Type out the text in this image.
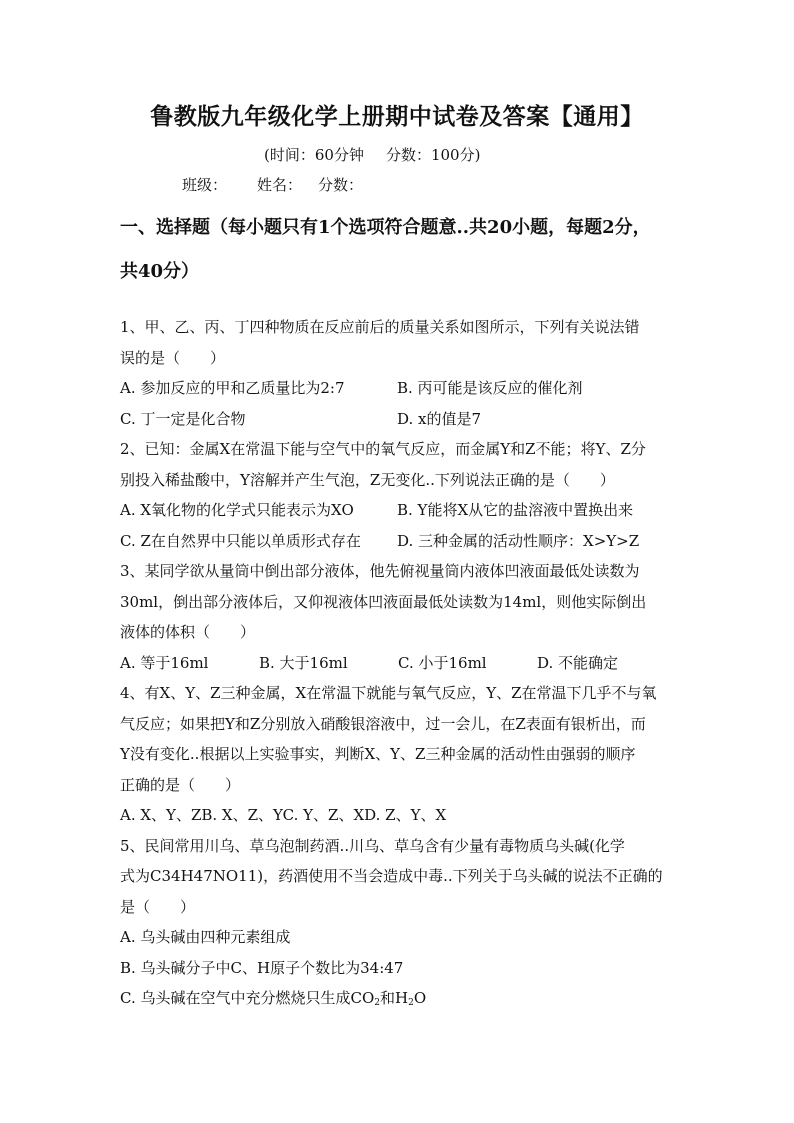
鲁教版九年级化学上册期中试卷及答案【通用】
(时间：60分钟 分数：100分)
班级： 姓名： 分数：
一、选择题（每小题只有1个选项符合题意..共20小题，每题2分，
共40分）
1、甲、乙、丙、丁四种物质在反应前后的质量关系如图所示，下列有关说法错
误的是（　　）
A. 参加反应的甲和乙质量比为2:7	B. 丙可能是该反应的催化剂
C. 丁一定是化合物	D. x的值是7
2、已知：金属X在常温下能与空气中的氧气反应，而金属Y和Z不能；将Y、Z分
别投入稀盐酸中，Y溶解并产生气泡，Z无变化..下列说法正确的是（　　）
A. X氧化物的化学式只能表示为XO	B. Y能将X从它的盐溶液中置换出来
C. Z在自然界中只能以单质形式存在 D. 三种金属的活动性顺序：X>Y>Z
3、某同学欲从量筒中倒出部分液体，他先俯视量筒内液体凹液面最低处读数为
30ml，倒出部分液体后，又仰视液体凹液面最低处读数为14ml，则他实际倒出
液体的体积（　　）
A. 等于16ml	B. 大于16ml	C. 小于16ml	D. 不能确定
4、有X、Y、Z三种金属，X在常温下就能与氧气反应，Y、Z在常温下几乎不与氧
气反应；如果把Y和Z分别放入硝酸银溶液中，过一会儿，在Z表面有银析出，而
Y没有变化..根据以上实验事实，判断X、Y、Z三种金属的活动性由强弱的顺序
正确的是（　　）
A. X、Y、ZB. X、Z、YC. Y、Z、XD. Z、Y、X
5、民间常用川乌、草乌泡制药酒..川乌、草乌含有少量有毒物质乌头碱(化学
式为C34H47NO11)，药酒使用不当会造成中毒..下列关于乌头碱的说法不正确的
是（　　）
A. 乌头碱由四种元素组成
B. 乌头碱分子中C、H原子个数比为34:47
C. 乌头碱在空气中充分燃烧只生成$CO_2$和$H_2O$
